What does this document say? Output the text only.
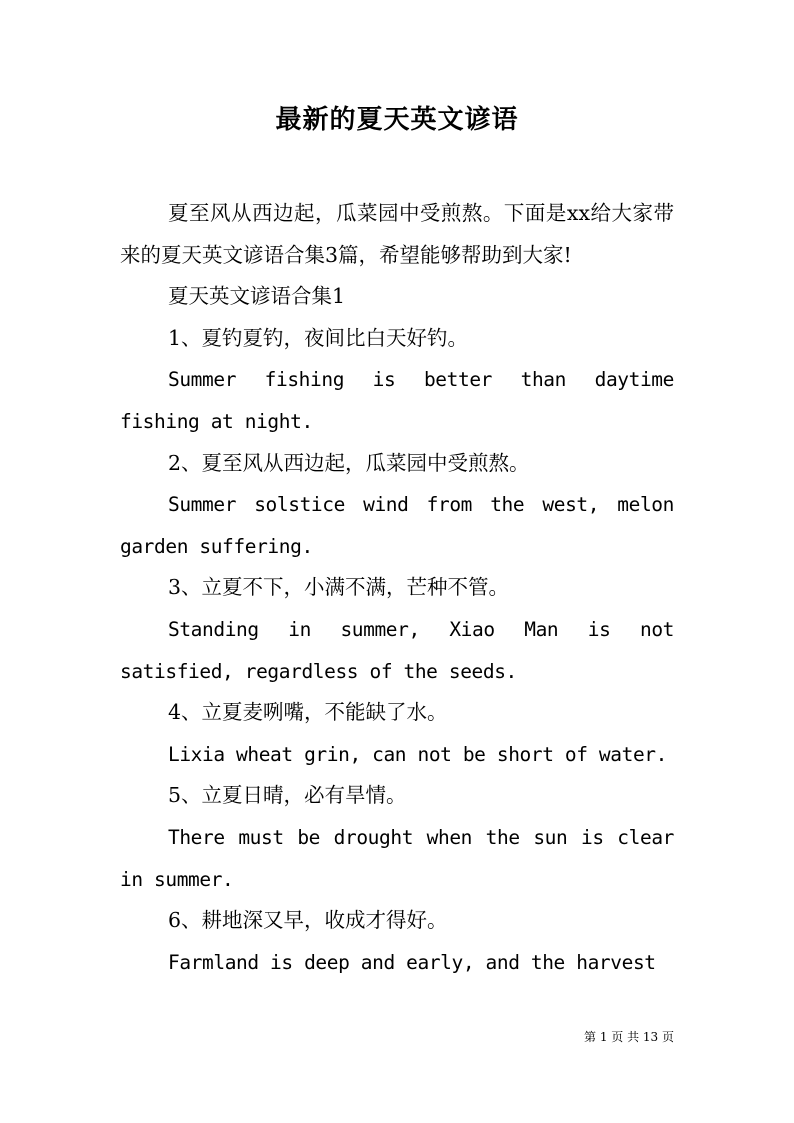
最新的夏天英文谚语

夏至风从西边起，瓜菜园中受煎熬。下面是xx给大家带来的夏天英文谚语合集3篇，希望能够帮助到大家!

夏天英文谚语合集1

1、夏钓夏钓，夜间比白天好钓。

Summer fishing is better than daytime fishing at night.

2、夏至风从西边起，瓜菜园中受煎熬。

Summer solstice wind from the west, melon garden suffering.

3、立夏不下，小满不满，芒种不管。

Standing in summer, Xiao Man is not satisfied, regardless of the seeds.

4、立夏麦咧嘴，不能缺了水。

Lixia wheat grin, can not be short of water.

5、立夏日晴，必有旱情。

There must be drought when the sun is clear in summer.

6、耕地深又早，收成才得好。

Farmland is deep and early, and the harvest

第 1 页 共 13 页
